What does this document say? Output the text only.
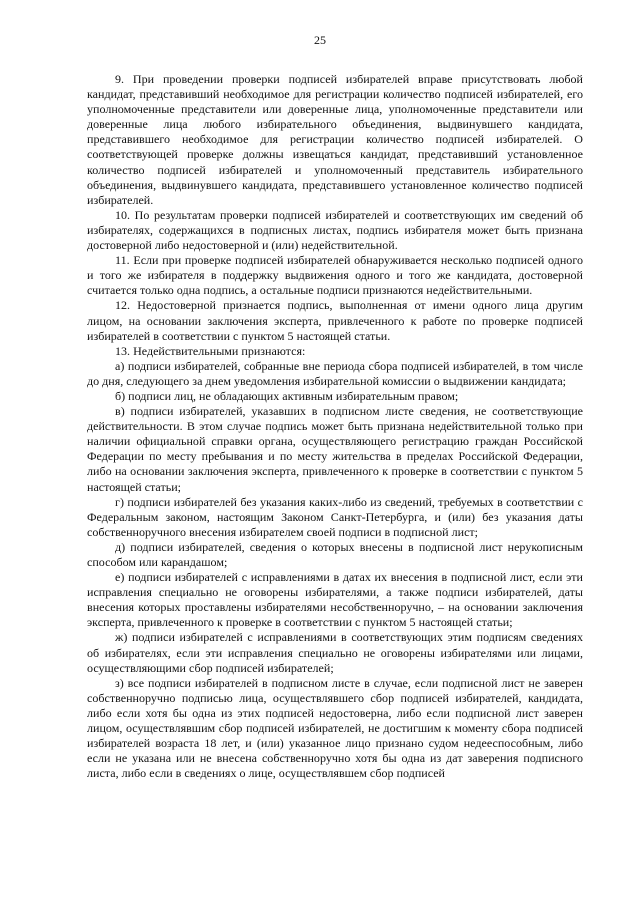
25

9. При проведении проверки подписей избирателей вправе присутствовать любой кандидат, представивший необходимое для регистрации количество подписей избирателей, его уполномоченные представители или доверенные лица, уполномоченные представители или доверенные лица любого избирательного объединения, выдвинувшего кандидата, представившего необходимое для регистрации количество подписей избирателей. О соответствующей проверке должны извещаться кандидат, представивший установленное количество подписей избирателей и уполномоченный представитель избирательного объединения, выдвинувшего кандидата, представившего установленное количество подписей избирателей.

10. По результатам проверки подписей избирателей и соответствующих им сведений об избирателях, содержащихся в подписных листах, подпись избирателя может быть признана достоверной либо недостоверной и (или) недействительной.

11. Если при проверке подписей избирателей обнаруживается несколько подписей одного и того же избирателя в поддержку выдвижения одного и того же кандидата, достоверной считается только одна подпись, а остальные подписи признаются недействительными.

12. Недостоверной признается подпись, выполненная от имени одного лица другим лицом, на основании заключения эксперта, привлеченного к работе по проверке подписей избирателей в соответствии с пунктом 5 настоящей статьи.

13. Недействительными признаются:

а) подписи избирателей, собранные вне периода сбора подписей избирателей, в том числе до дня, следующего за днем уведомления избирательной комиссии о выдвижении кандидата;

б) подписи лиц, не обладающих активным избирательным правом;

в) подписи избирателей, указавших в подписном листе сведения, не соответствующие действительности. В этом случае подпись может быть признана недействительной только при наличии официальной справки органа, осуществляющего регистрацию граждан Российской Федерации по месту пребывания и по месту жительства в пределах Российской Федерации, либо на основании заключения эксперта, привлеченного к проверке в соответствии с пунктом 5 настоящей статьи;

г) подписи избирателей без указания каких-либо из сведений, требуемых в соответствии с Федеральным законом, настоящим Законом Санкт-Петербурга, и (или) без указания даты собственноручного внесения избирателем своей подписи в подписной лист;

д) подписи избирателей, сведения о которых внесены в подписной лист нерукописным способом или карандашом;

е) подписи избирателей с исправлениями в датах их внесения в подписной лист, если эти исправления специально не оговорены избирателями, а также подписи избирателей, даты внесения которых проставлены избирателями несобственноручно, – на основании заключения эксперта, привлеченного к проверке в соответствии с пунктом 5 настоящей статьи;

ж) подписи избирателей с исправлениями в соответствующих этим подписям сведениях об избирателях, если эти исправления специально не оговорены избирателями или лицами, осуществляющими сбор подписей избирателей;

з) все подписи избирателей в подписном листе в случае, если подписной лист не заверен собственноручно подписью лица, осуществлявшего сбор подписей избирателей, кандидата, либо если хотя бы одна из этих подписей недостоверна, либо если подписной лист заверен лицом, осуществлявшим сбор подписей избирателей, не достигшим к моменту сбора подписей избирателей возраста 18 лет, и (или) указанное лицо признано судом недееспособным, либо если не указана или не внесена собственноручно хотя бы одна из дат заверения подписного листа, либо если в сведениях о лице, осуществлявшем сбор подписей
